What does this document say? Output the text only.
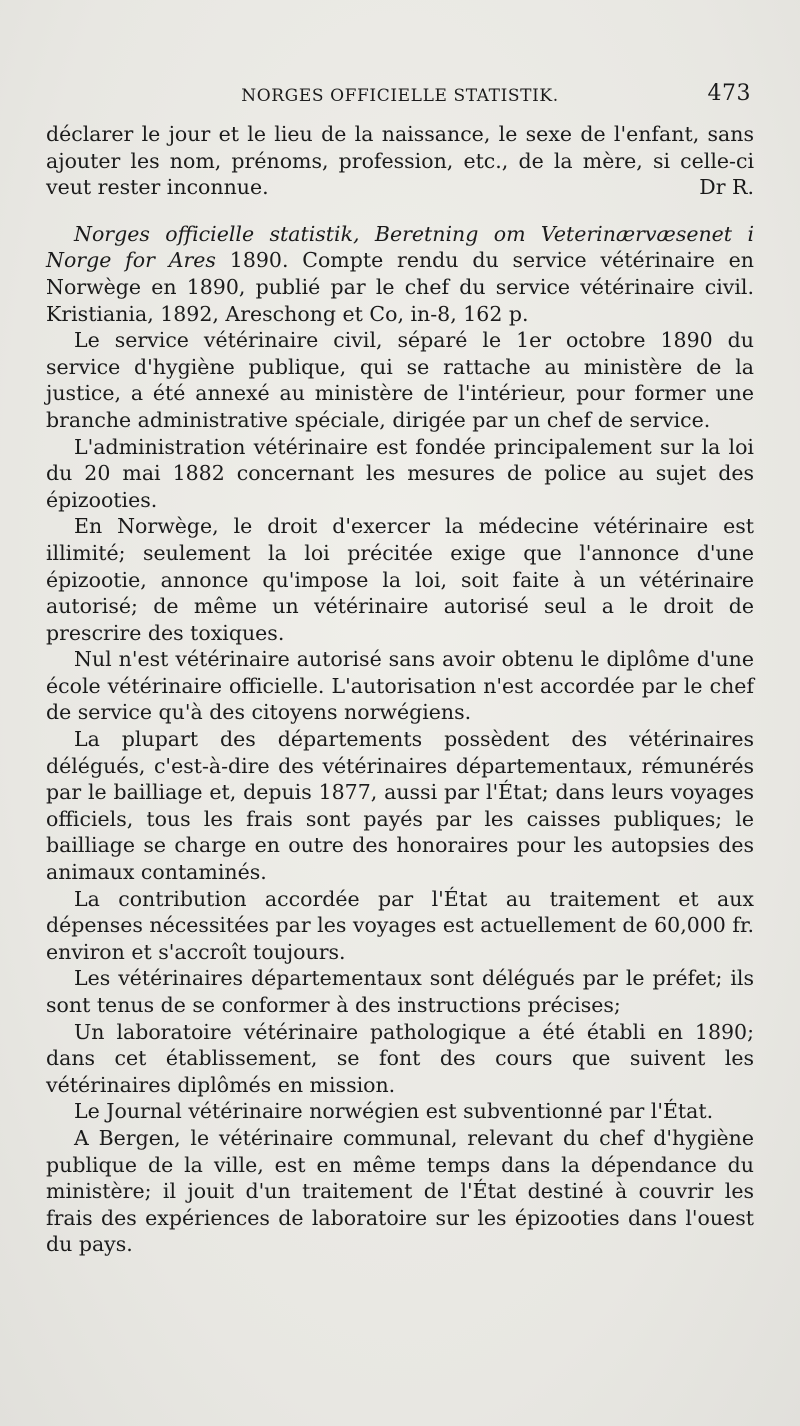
NORGES OFFICIELLE STATISTIK.	473

déclarer le jour et le lieu de la naissance, le sexe de l'enfant, sans ajouter les nom, prénoms, profession, etc., de la mère, si celle-ci veut rester inconnue.	Dr R.

Norges officielle statistik, Beretning om Veterinærvæsenet i Norge for Ares 1890. Compte rendu du service vétérinaire en Norwège en 1890, publié par le chef du service vétérinaire civil. Kristiania, 1892, Areschong et Co, in-8, 162 p.

Le service vétérinaire civil, séparé le 1er octobre 1890 du service d'hygiène publique, qui se rattache au ministère de la justice, a été annexé au ministère de l'intérieur, pour former une branche administrative spéciale, dirigée par un chef de service.

L'administration vétérinaire est fondée principalement sur la loi du 20 mai 1882 concernant les mesures de police au sujet des épizooties.

En Norwège, le droit d'exercer la médecine vétérinaire est illimité; seulement la loi précitée exige que l'annonce d'une épizootie, annonce qu'impose la loi, soit faite à un vétérinaire autorisé; de même un vétérinaire autorisé seul a le droit de prescrire des toxiques.

Nul n'est vétérinaire autorisé sans avoir obtenu le diplôme d'une école vétérinaire officielle. L'autorisation n'est accordée par le chef de service qu'à des citoyens norwégiens.

La plupart des départements possèdent des vétérinaires délégués, c'est-à-dire des vétérinaires départementaux, rémunérés par le bailliage et, depuis 1877, aussi par l'État; dans leurs voyages officiels, tous les frais sont payés par les caisses publiques; le bailliage se charge en outre des honoraires pour les autopsies des animaux contaminés.

La contribution accordée par l'État au traitement et aux dépenses nécessitées par les voyages est actuellement de 60,000 fr. environ et s'accroît toujours.

Les vétérinaires départementaux sont délégués par le préfet; ils sont tenus de se conformer à des instructions précises;

Un laboratoire vétérinaire pathologique a été établi en 1890; dans cet établissement, se font des cours que suivent les vétérinaires diplômés en mission.

Le Journal vétérinaire norwégien est subventionné par l'État.

A Bergen, le vétérinaire communal, relevant du chef d'hygiène publique de la ville, est en même temps dans la dépendance du ministère; il jouit d'un traitement de l'État destiné à couvrir les frais des expériences de laboratoire sur les épizooties dans l'ouest du pays.
